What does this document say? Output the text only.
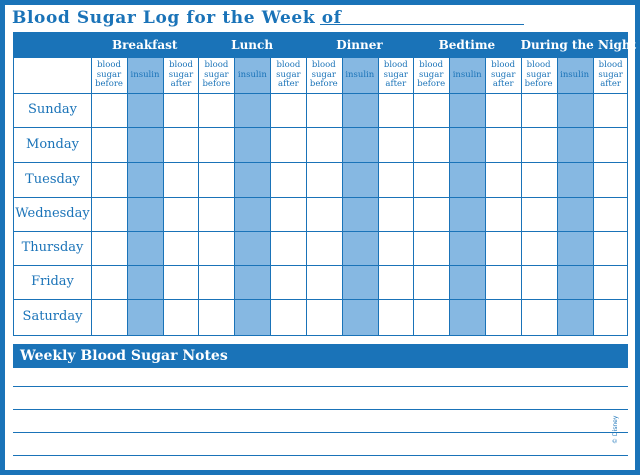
Blood Sugar Log for the Week of
Breakfast
blood
sugar
before
insulin
blood
sugar
after
Lunch
blood
sugar
before
insulin
blood
sugar
after
Dinner
blood
sugar
before
insulin
blood
sugar
after
Bedtime
blood
sugar
before
insulin
blood
sugar
after
During the Night
blood
sugar
before
insulin
blood
sugar
after
Sunday
Monday
Tuesday
Wednesday
Thursday
Friday
Saturday
Weekly Blood Sugar Notes
© Disney
